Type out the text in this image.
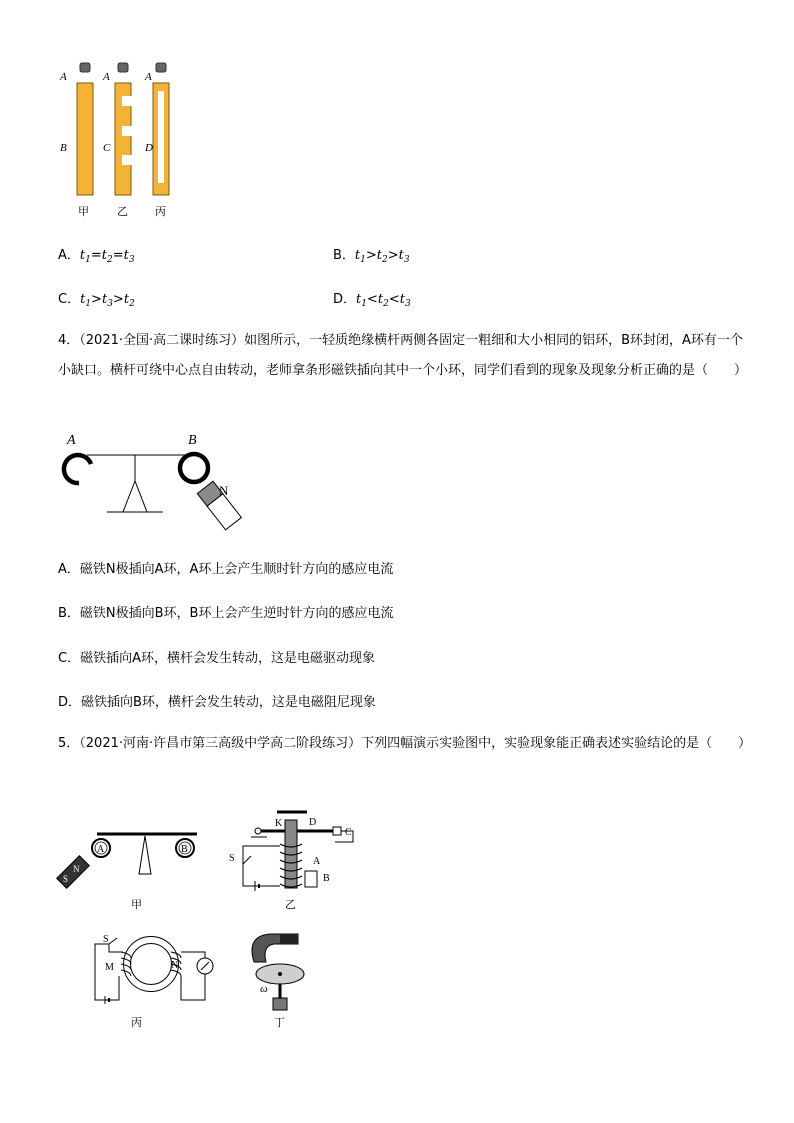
A	A	A
B	C	D
甲	乙 丙
A．$t_1=t_2=t_3$	B．$t_1>t_2>t_3$
C．$t_1>t_3>t_2$	D．$t_1<t_2<t_3$
4．（2021·全国·高二课时练习）如图所示，一轻质绝缘横杆两侧各固定一粗细和大小相同的铝环，B环封闭，A环有一个小缺口。横杆可绕中心点自由转动，老师拿条形磁铁插向其中一个小环，同学们看到的现象及现象分析正确的是（　　）
A	B
N
A．磁铁N极插向A环，A环上会产生顺时针方向的感应电流
B．磁铁N极插向B环，B环上会产生逆时针方向的感应电流
C．磁铁插向A环，横杆会发生转动，这是电磁驱动现象
D．磁铁插向B环，横杆会发生转动，这是电磁阻尼现象
5．（2021·河南·许昌市第三高级中学高二阶段练习）下列四幅演示实验图中，实验现象能正确表述实验结论的是（　　）
A	B
S
N
甲
K	D
C
A
B
S
乙
M	N
S
丙
ω
丁
